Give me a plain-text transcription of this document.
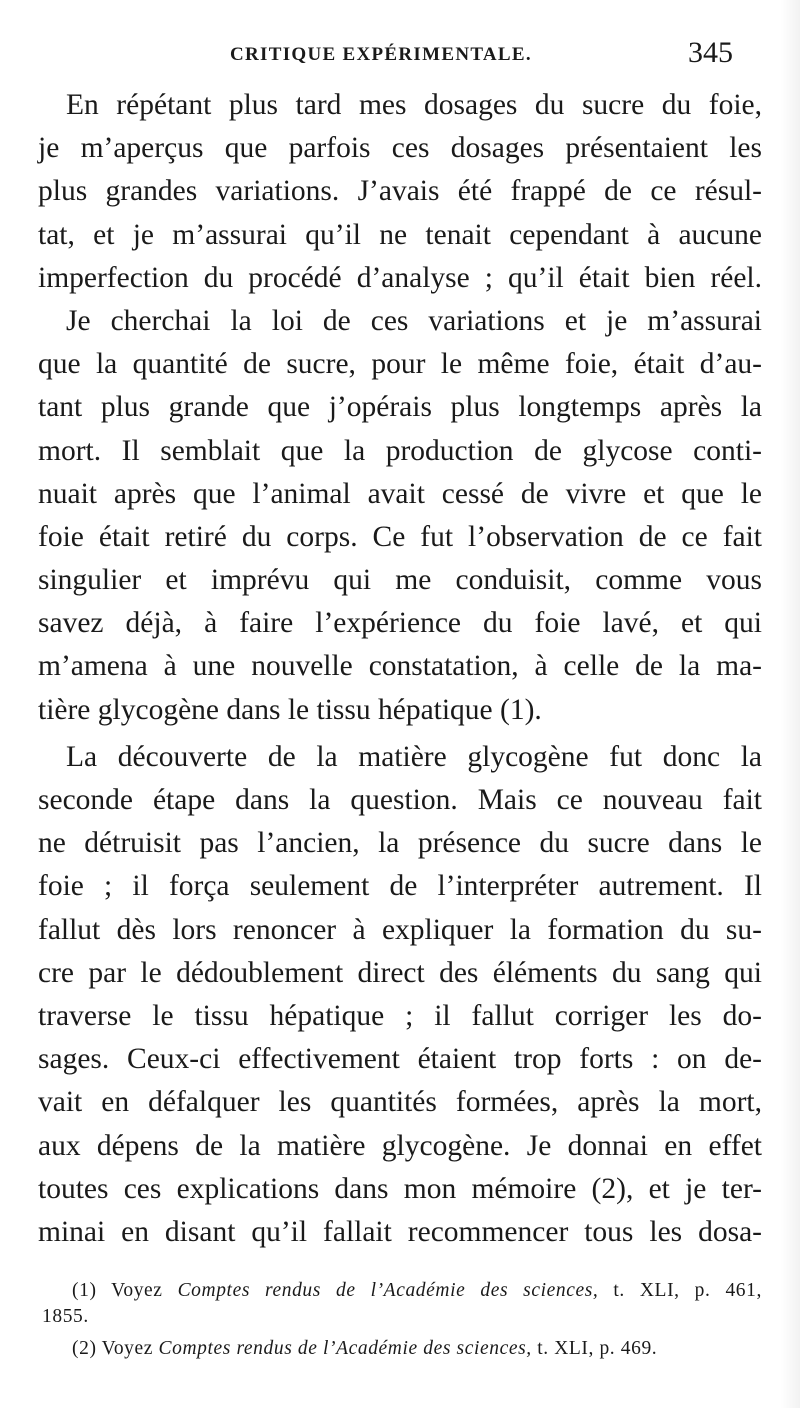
CRITIQUE EXPÉRIMENTALE.	345
En répétant plus tard mes dosages du sucre du foie,
je m’aperçus que parfois ces dosages présentaient les
plus grandes variations. J’avais été frappé de ce résul-
tat, et je m’assurai qu’il ne tenait cependant à aucune
imperfection du procédé d’analyse ; qu’il était bien réel.
Je cherchai la loi de ces variations et je m’assurai
que la quantité de sucre, pour le même foie, était d’au-
tant plus grande que j’opérais plus longtemps après la
mort. Il semblait que la production de glycose conti-
nuait après que l’animal avait cessé de vivre et que le
foie était retiré du corps. Ce fut l’observation de ce fait
singulier et imprévu qui me conduisit, comme vous
savez déjà, à faire l’expérience du foie lavé, et qui
m’amena à une nouvelle constatation, à celle de la ma-
tière glycogène dans le tissu hépatique (1).
La découverte de la matière glycogène fut donc la
seconde étape dans la question. Mais ce nouveau fait
ne détruisit pas l’ancien, la présence du sucre dans le
foie ; il força seulement de l’interpréter autrement. Il
fallut dès lors renoncer à expliquer la formation du su-
cre par le dédoublement direct des éléments du sang qui
traverse le tissu hépatique ; il fallut corriger les do-
sages. Ceux-ci effectivement étaient trop forts : on de-
vait en défalquer les quantités formées, après la mort,
aux dépens de la matière glycogène. Je donnai en effet
toutes ces explications dans mon mémoire (2), et je ter-
minai en disant qu’il fallait recommencer tous les dosa-
(1) Voyez Comptes rendus de l’Académie des sciences, t. XLI, p. 461,
1855.
(2) Voyez Comptes rendus de l’Académie des sciences, t. XLI, p. 469.
